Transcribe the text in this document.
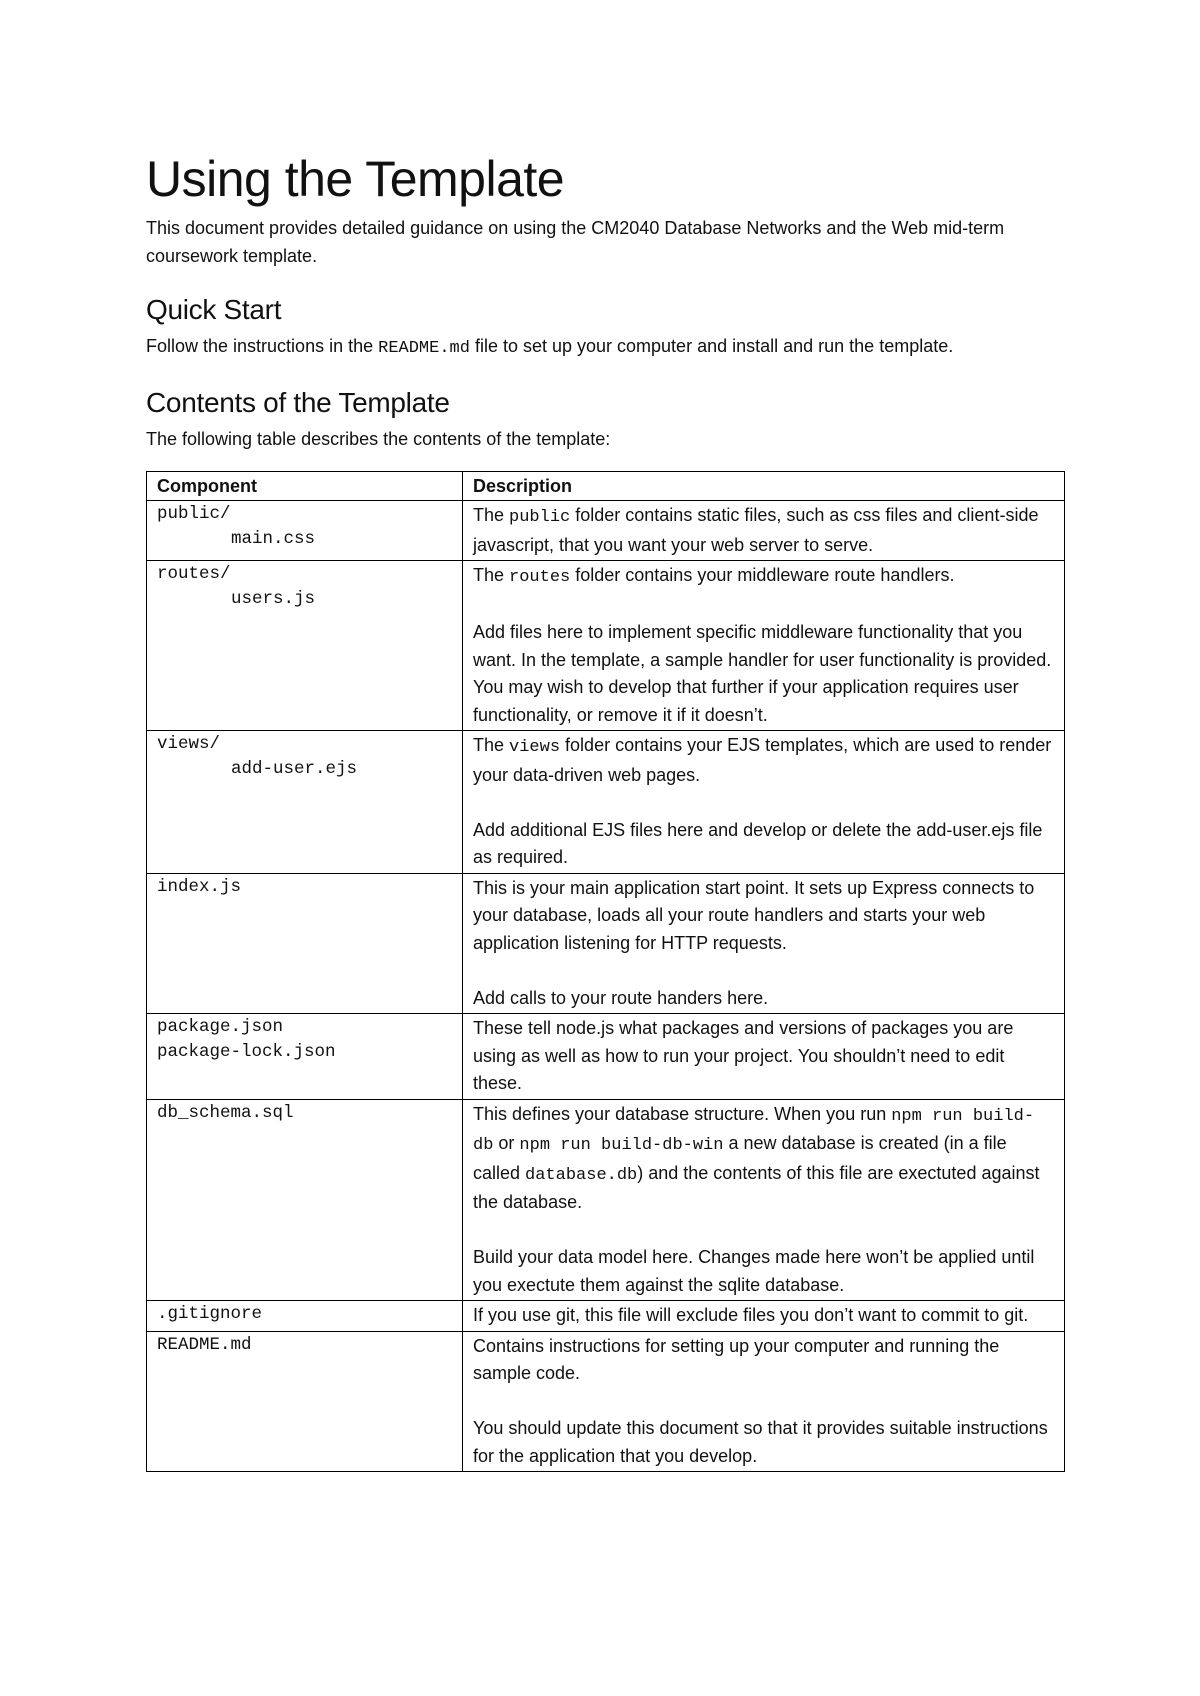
Using the Template

This document provides detailed guidance on using the CM2040 Database Networks and the Web mid-term coursework template.

Quick Start

Follow the instructions in the README.md file to set up your computer and install and run the template.

Contents of the Template

The following table describes the contents of the template:

Component	Description

public/
main.css	The public folder contains static files, such as css files and client-side javascript, that you want your web server to serve.

routes/
users.js	The routes folder contains your middleware route handlers.
Add files here to implement specific middleware functionality that you want. In the template, a sample handler for user functionality is provided. You may wish to develop that further if your application requires user functionality, or remove it if it doesn’t.

views/
add-user.ejs	The views folder contains your EJS templates, which are used to render your data-driven web pages.
Add additional EJS files here and develop or delete the add-user.ejs file as required.

index.js	This is your main application start point. It sets up Express connects to your database, loads all your route handlers and starts your web application listening for HTTP requests.
Add calls to your route handers here.

package.json
package-lock.json	These tell node.js what packages and versions of packages you are using as well as how to run your project. You shouldn’t need to edit these.

db_schema.sql	This defines your database structure. When you run npm run build-db or npm run build-db-win a new database is created (in a file called database.db) and the contents of this file are exectuted against the database.
Build your data model here. Changes made here won’t be applied until you exectute them against the sqlite database.

.gitignore	If you use git, this file will exclude files you don’t want to commit to git.

README.md	Contains instructions for setting up your computer and running the sample code.
You should update this document so that it provides suitable instructions for the application that you develop.
